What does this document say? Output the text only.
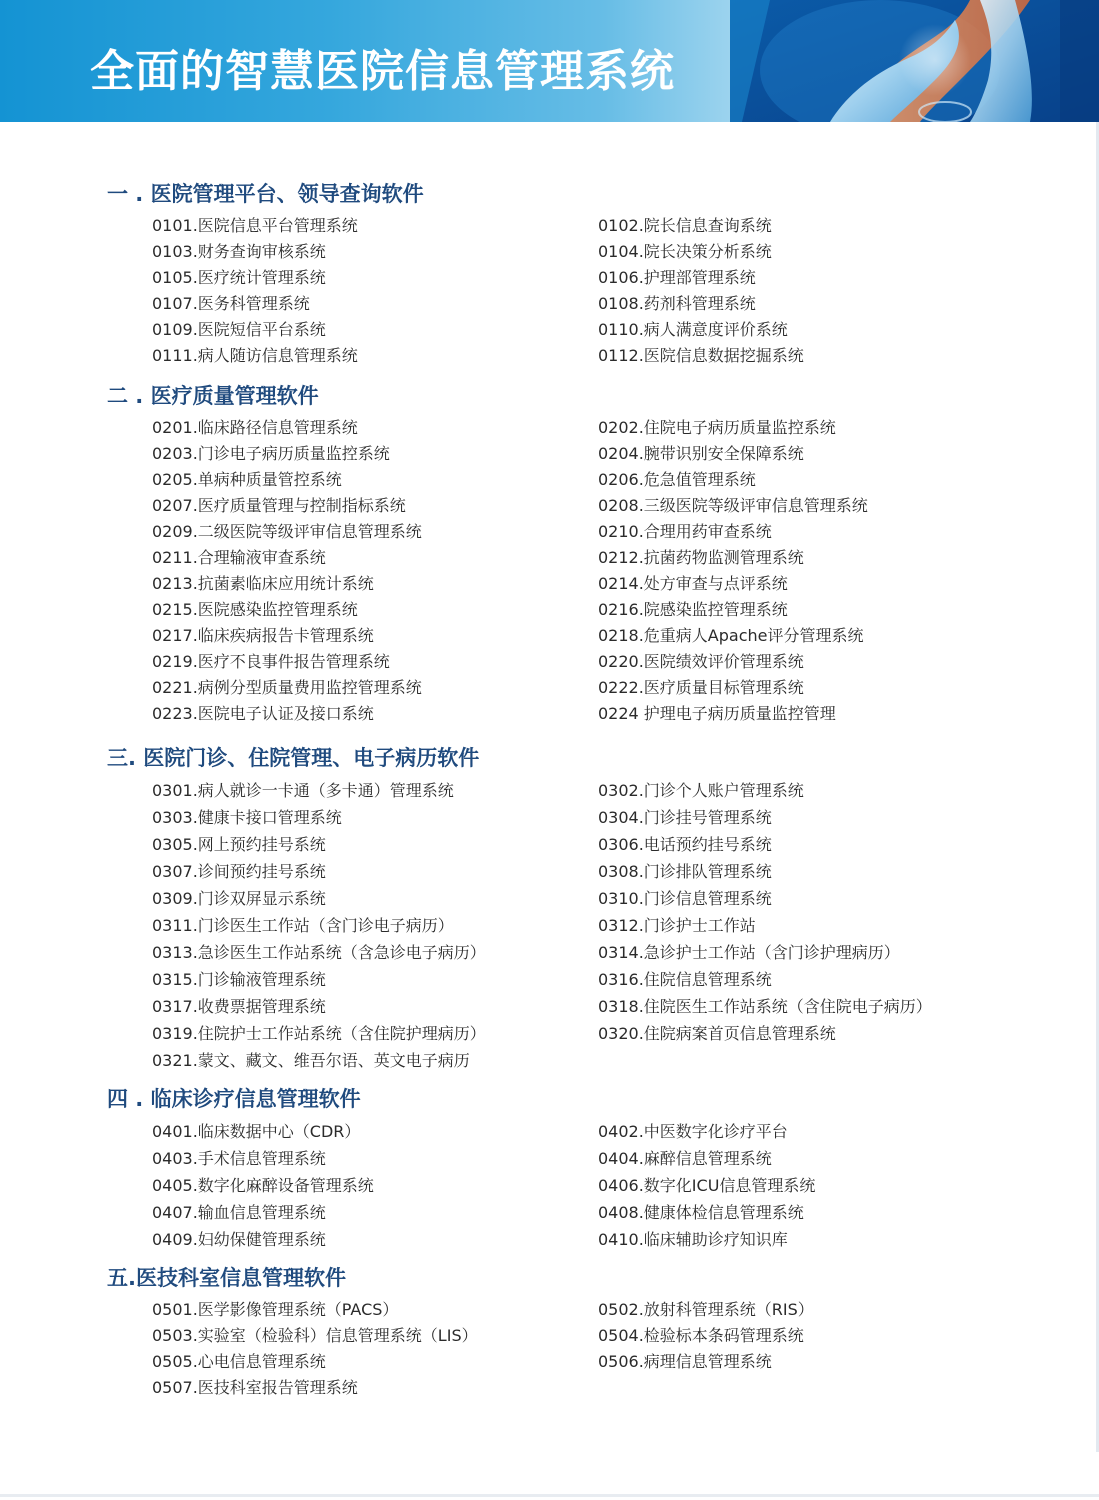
全面的智慧医院信息管理系统
一 . 医院管理平台、领导查询软件
0101.医院信息平台管理系统
0103.财务查询审核系统
0105.医疗统计管理系统
0107.医务科管理系统
0109.医院短信平台系统
0111.病人随访信息管理系统
0102.院长信息查询系统
0104.院长决策分析系统
0106.护理部管理系统
0108.药剂科管理系统
0110.病人满意度评价系统
0112.医院信息数据挖掘系统
二 . 医疗质量管理软件
0201.临床路径信息管理系统
0203.门诊电子病历质量监控系统
0205.单病种质量管控系统
0207.医疗质量管理与控制指标系统
0209.二级医院等级评审信息管理系统
0211.合理输液审查系统
0213.抗菌素临床应用统计系统
0215.医院感染监控管理系统
0217.临床疾病报告卡管理系统
0219.医疗不良事件报告管理系统
0221.病例分型质量费用监控管理系统
0223.医院电子认证及接口系统
0202.住院电子病历质量监控系统
0204.腕带识别安全保障系统
0206.危急值管理系统
0208.三级医院等级评审信息管理系统
0210.合理用药审查系统
0212.抗菌药物监测管理系统
0214.处方审查与点评系统
0216.院感染监控管理系统
0218.危重病人Apache评分管理系统
0220.医院绩效评价管理系统
0222.医疗质量目标管理系统
0224 护理电子病历质量监控管理
三. 医院门诊、住院管理、电子病历软件
0301.病人就诊一卡通（多卡通）管理系统
0303.健康卡接口管理系统
0305.网上预约挂号系统
0307.诊间预约挂号系统
0309.门诊双屏显示系统
0311.门诊医生工作站（含门诊电子病历）
0313.急诊医生工作站系统（含急诊电子病历）
0315.门诊输液管理系统
0317.收费票据管理系统
0319.住院护士工作站系统（含住院护理病历）
0321.蒙文、藏文、维吾尔语、英文电子病历
0302.门诊个人账户管理系统
0304.门诊挂号管理系统
0306.电话预约挂号系统
0308.门诊排队管理系统
0310.门诊信息管理系统
0312.门诊护士工作站
0314.急诊护士工作站（含门诊护理病历）
0316.住院信息管理系统
0318.住院医生工作站系统（含住院电子病历）
0320.住院病案首页信息管理系统
四 . 临床诊疗信息管理软件
0401.临床数据中心（CDR）
0403.手术信息管理系统
0405.数字化麻醉设备管理系统
0407.输血信息管理系统
0409.妇幼保健管理系统
0402.中医数字化诊疗平台
0404.麻醉信息管理系统
0406.数字化ICU信息管理系统
0408.健康体检信息管理系统
0410.临床辅助诊疗知识库
五.医技科室信息管理软件
0501.医学影像管理系统（PACS）
0503.实验室（检验科）信息管理系统（LIS）
0505.心电信息管理系统
0507.医技科室报告管理系统
0502.放射科管理系统（RIS）
0504.检验标本条码管理系统
0506.病理信息管理系统
